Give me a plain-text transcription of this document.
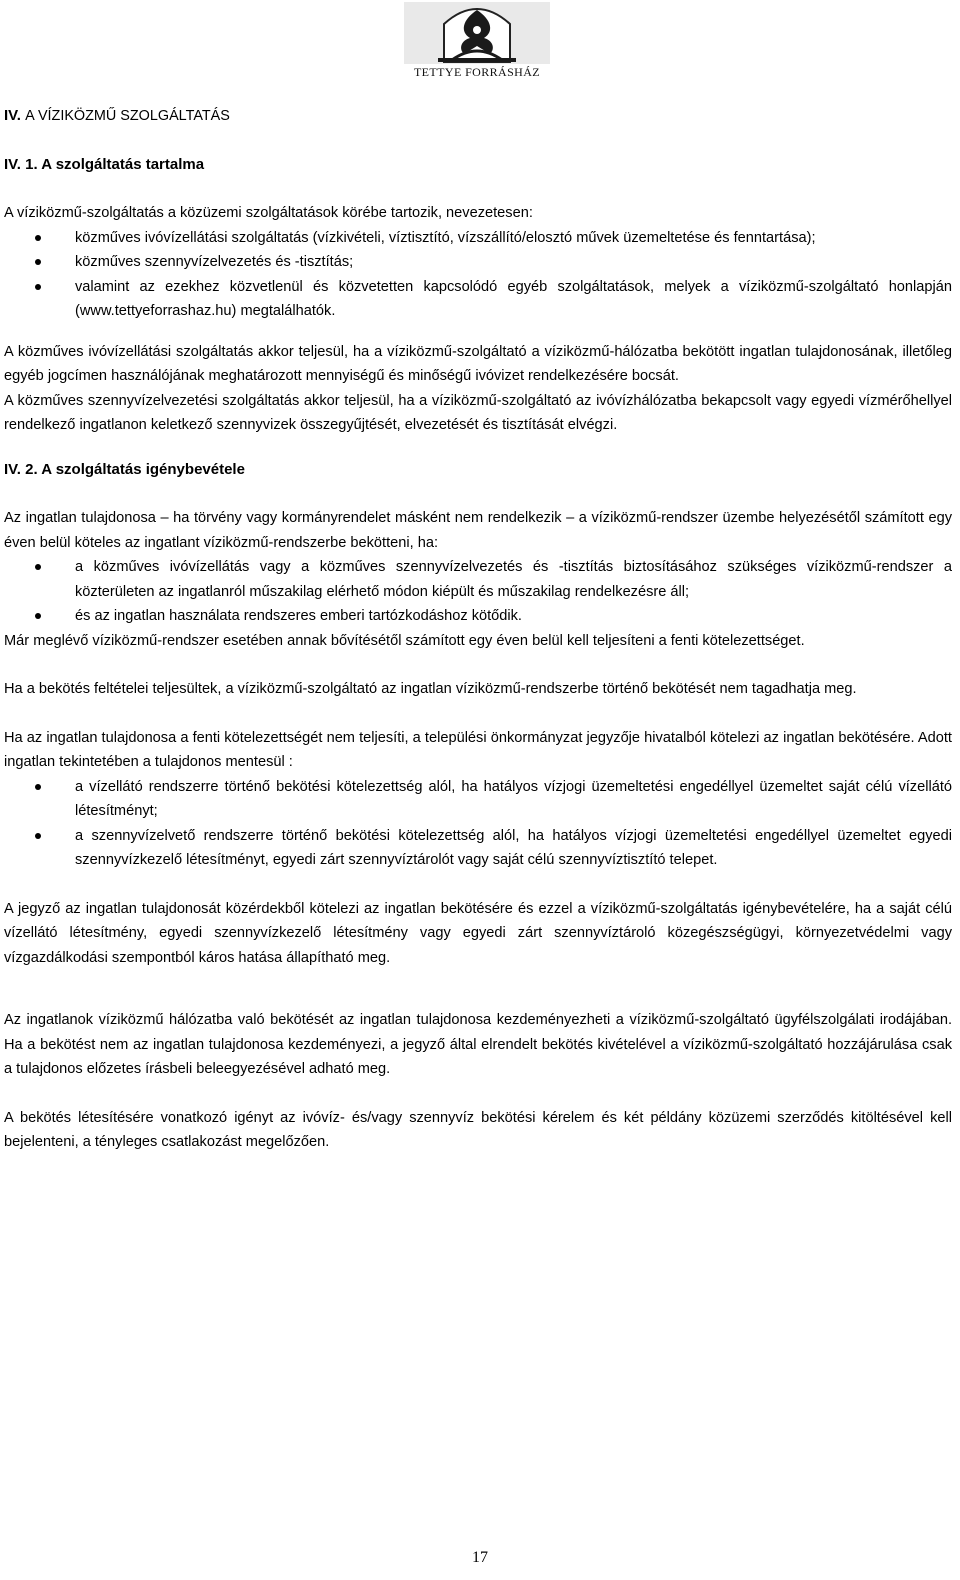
TETTYE FORRÁSHÁZ

IV. A VÍZIKÖZMŰ SZOLGÁLTATÁS

IV. 1. A szolgáltatás tartalma

A víziközmű-szolgáltatás a közüzemi szolgáltatások körébe tartozik, nevezetesen:

közműves ivóvízellátási szolgáltatás (vízkivételi, víztisztító, vízszállító/elosztó művek üzemeltetése és fenntartása);
közműves szennyvízelvezetés és -tisztítás;
valamint az ezekhez közvetlenül és közvetetten kapcsolódó egyéb szolgáltatások, melyek a víziközmű-szolgáltató honlapján (www.tettyeforrashaz.hu) megtalálhatók.

A közműves ivóvízellátási szolgáltatás akkor teljesül, ha a víziközmű-szolgáltató a víziközmű-hálózatba bekötött ingatlan tulajdonosának, illetőleg egyéb jogcímen használójának meghatározott mennyiségű és minőségű ivóvizet rendelkezésére bocsát.

A közműves szennyvízelvezetési szolgáltatás akkor teljesül, ha a víziközmű-szolgáltató az ivóvízhálózatba bekapcsolt vagy egyedi vízmérőhellyel rendelkező ingatlanon keletkező szennyvizek összegyűjtését, elvezetését és tisztítását elvégzi.

IV. 2. A szolgáltatás igénybevétele

Az ingatlan tulajdonosa – ha törvény vagy kormányrendelet másként nem rendelkezik – a víziközmű-rendszer üzembe helyezésétől számított egy éven belül köteles az ingatlant víziközmű-rendszerbe bekötteni, ha:

a közműves ivóvízellátás vagy a közműves szennyvízelvezetés és -tisztítás biztosításához szükséges víziközmű-rendszer a közterületen az ingatlanról műszakilag elérhető módon kiépült és műszakilag rendelkezésre áll;
és az ingatlan használata rendszeres emberi tartózkodáshoz kötődik.

Már meglévő víziközmű-rendszer esetében annak bővítésétől számított egy éven belül kell teljesíteni a fenti kötelezettséget.

Ha a bekötés feltételei teljesültek, a víziközmű-szolgáltató az ingatlan víziközmű-rendszerbe történő bekötését nem tagadhatja meg.

Ha az ingatlan tulajdonosa a fenti kötelezettségét nem teljesíti, a települési önkormányzat jegyzője hivatalból kötelezi az ingatlan bekötésére. Adott ingatlan tekintetében a tulajdonos mentesül :

a vízellátó rendszerre történő bekötési kötelezettség alól, ha hatályos vízjogi üzemeltetési engedéllyel üzemeltet saját célú vízellátó létesítményt;
a szennyvízelvető rendszerre történő bekötési kötelezettség alól, ha hatályos vízjogi üzemeltetési engedéllyel üzemeltet egyedi szennyvízkezelő létesítményt, egyedi zárt szennyvíztárolót vagy saját célú szennyvíztisztító telepet.

A jegyző az ingatlan tulajdonosát közérdekből kötelezi az ingatlan bekötésére és ezzel a víziközmű-szolgáltatás igénybevételére, ha a saját célú vízellátó létesítmény, egyedi szennyvízkezelő létesítmény vagy egyedi zárt szennyvíztároló közegészségügyi, környezetvédelmi vagy vízgazdálkodási szempontból káros hatása állapítható meg.

Az ingatlanok víziközmű hálózatba való bekötését az ingatlan tulajdonosa kezdeményezheti a víziközmű-szolgáltató ügyfélszolgálati irodájában. Ha a bekötést nem az ingatlan tulajdonosa kezdeményezi, a jegyző által elrendelt bekötés kivételével a víziközmű-szolgáltató hozzájárulása csak a tulajdonos előzetes írásbeli beleegyezésével adható meg.

A bekötés létesítésére vonatkozó igényt az ivóvíz- és/vagy szennyvíz bekötési kérelem és két példány közüzemi szerződés kitöltésével kell bejelenteni, a tényleges csatlakozást megelőzően.

17
